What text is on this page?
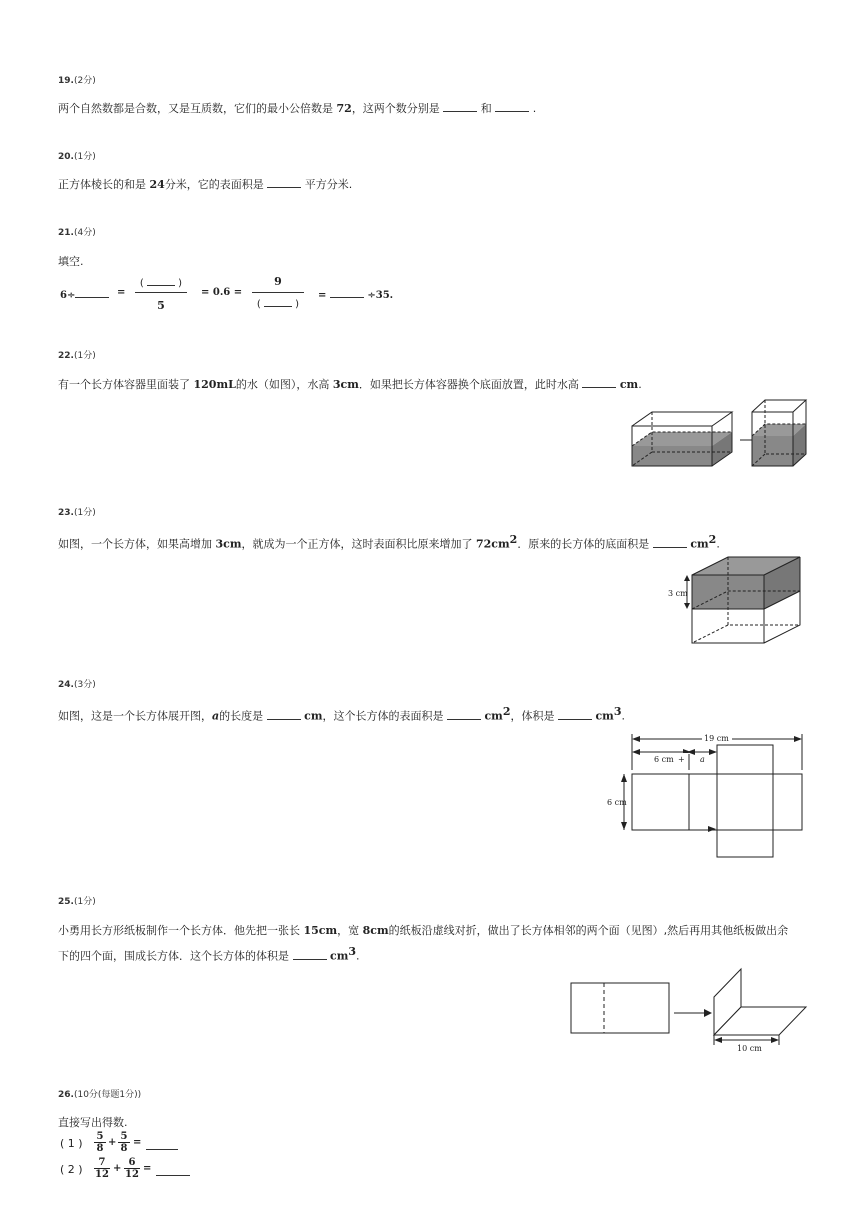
19.(2分)
两个自然数都是合数，又是互质数，它们的最小公倍数是 72，这两个数分别是	和	.
20.(1分)
正方体棱长的和是 24分米，它的表面积是	平方分米.
21.(4分)
填空.
6÷	=
(	)
5
= 0.6 =
9
(	)
=	÷35.
22.(1分)
有一个长方体容器里面装了 120mL的水（如图），水高 3cm．如果把长方体容器换个底面放置，此时水高	cm.
23.(1分)
如图，一个长方体，如果高增加 3cm，就成为一个正方体，这时表面积比原来增加了 $72cm^2$．原来的长方体的底面积是	$cm^2$.
3 cm
24.(3分)
如图，这是一个长方体展开图，a的长度是	cm，这个长方体的表面积是	$cm^2$，体积是	$cm^3$.
19 cm
6 cm + a
6 cm
25.(1分)
小勇用长方形纸板制作一个长方体．他先把一张长 15cm，宽 8cm的纸板沿虚线对折，做出了长方体相邻的两个面（见图）,然后再用其他纸板做出余
下的四个面，围成长方体．这个长方体的体积是	$cm^3$.
10 cm
26.(10分(每题1分))
直接写出得数.
( 1 ) $\frac{5}{8} + \frac{5}{8}$ =
( 2 ) $\frac{7}{12} + \frac{6}{12}$ =
